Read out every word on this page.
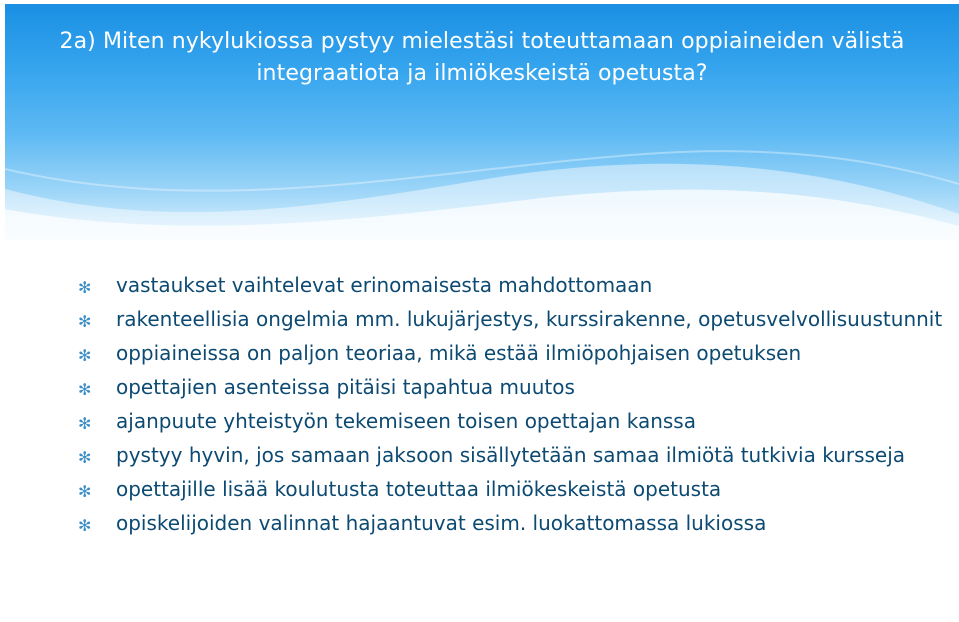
2a) Miten nykylukiossa pystyy mielestäsi toteuttamaan oppiaineiden välistä
integraatiota ja ilmiökeskeistä opetusta?
✻	vastaukset vaihtelevat erinomaisesta mahdottomaan
✻	rakenteellisia ongelmia mm. lukujärjestys, kurssirakenne, opetusvelvollisuustunnit
✻	oppiaineissa on paljon teoriaa, mikä estää ilmiöpohjaisen opetuksen
✻	opettajien asenteissa pitäisi tapahtua muutos
✻	ajanpuute yhteistyön tekemiseen toisen opettajan kanssa
✻	pystyy hyvin, jos samaan jaksoon sisällytetään samaa ilmiötä tutkivia kursseja
✻	opettajille lisää koulutusta toteuttaa ilmiökeskeistä opetusta
✻	opiskelijoiden valinnat hajaantuvat esim. luokattomassa lukiossa
